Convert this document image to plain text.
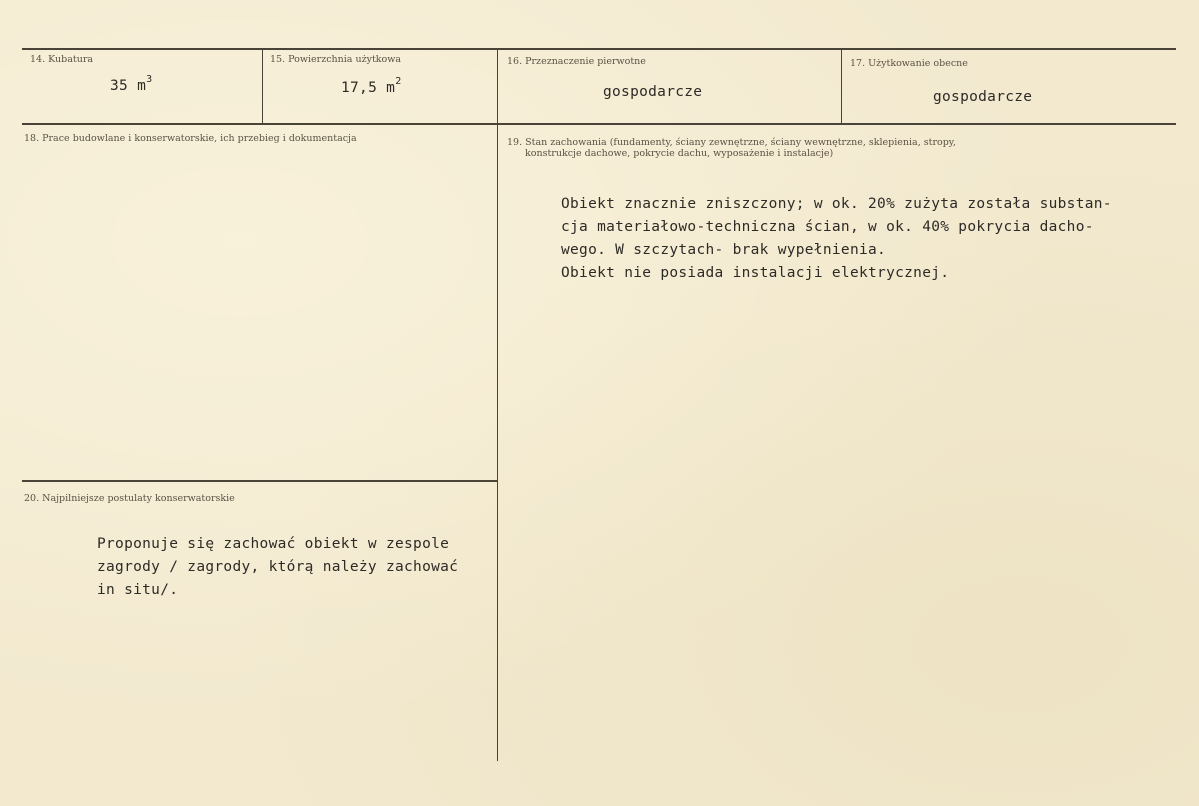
14. Kubatura
35 $m^3$
15. Powierzchnia użytkowa
17,5 $m^2$
16. Przeznaczenie pierwotne
gospodarcze
17. Użytkowanie obecne
gospodarcze
18. Prace budowlane i konserwatorskie, ich przebieg i dokumentacja	19. Stan zachowania (fundamenty, ściany zewnętrzne, ściany wewnętrzne, sklepienia, stropy,
konstrukcje dachowe, pokrycie dachu, wyposażenie i instalacje)
Obiekt znacznie zniszczony; w ok. 20% zużyta została substan-
cja materiałowo-techniczna ścian, w ok. 40% pokrycia dacho-
wego. W szczytach- brak wypełnienia.
Obiekt nie posiada instalacji elektrycznej.
20. Najpilniejsze postulaty konserwatorskie
Proponuje się zachować obiekt w zespole
zagrody / zagrody, którą należy zachować
in situ/.
